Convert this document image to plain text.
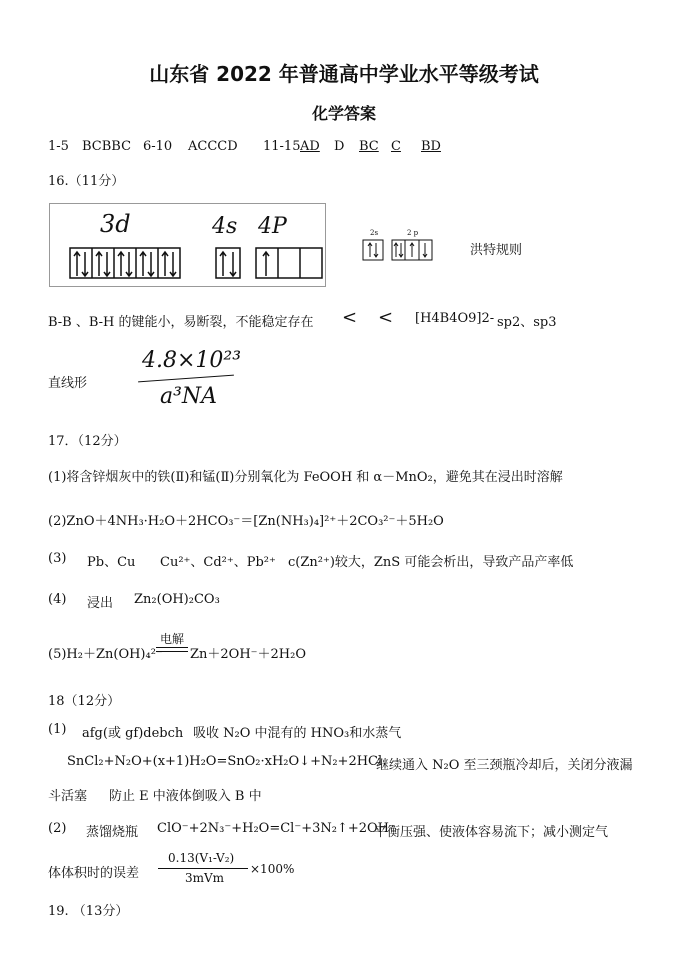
山东省 2022 年普通高中学业水平等级考试
化学答案
1-5 BCBBC 6-10 ACCCD 11-15 AD D BC C BD
16.（11分）
3d	4s 4P	2s	2 p
洪特规则
B-B 、B-H 的键能小，易断裂，不能稳定存在 < < [H4B4O9]2- sp2、sp3
直线形
4.8×10²³
a³NA
17．（12分）
(1)将含锌烟灰中的铁(Ⅱ)和锰(Ⅱ)分别氧化为 FeOOH 和 α－MnO₂，避免其在浸出时溶解
(2)ZnO＋4NH₃·H₂O＋2HCO₃⁻＝[Zn(NH₃)₄]²⁺＋2CO₃²⁻＋5H₂O
(3) Pb、Cu Cu²⁺、Cd²⁺、Pb²⁺ c(Zn²⁺)较大，ZnS 可能会析出，导致产品产率低
(4) 浸出 Zn₂(OH)₂CO₃
(5)H₂＋Zn(OH)₄²⁻
电解
Zn＋2OH⁻＋2H₂O
18（12分）
(1) afg(或 gf)debch 吸收 N₂O 中混有的 HNO₃和水蒸气
SnCl₂+N₂O+(x+1)H₂O=SnO₂·xH₂O↓+N₂+2HCl
继续通入 N₂O 至三颈瓶冷却后，关闭分液漏
斗活塞 防止 E 中液体倒吸入 B 中
(2) 蒸馏烧瓶 ClO⁻+2N₃⁻+H₂O=Cl⁻+3N₂↑+2OH⁻
平衡压强、使液体容易流下；减小测定气
体体积时的误差
0.13(V₁-V₂)
3mVm
×100%
19. （13分）
